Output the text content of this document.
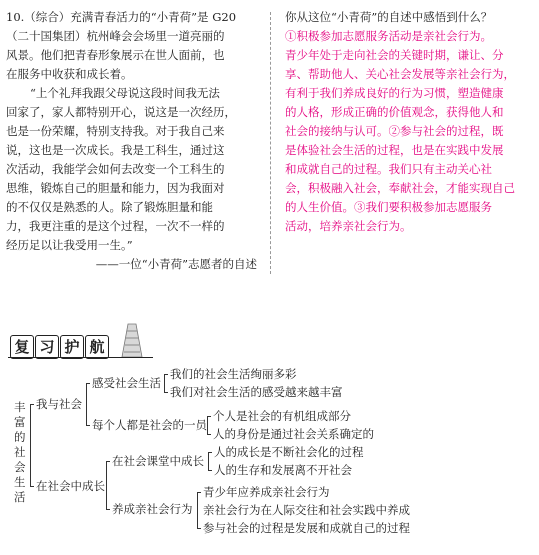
10.（综合）充满青春活力的“小青荷”是 G20

（二十国集团）杭州峰会会场里一道亮丽的

风景。他们把青春形象展示在世人面前，也

在服务中收获和成长着。

“上个礼拜我跟父母说这段时间我无法

回家了，家人都特别开心，说这是一次经历，

也是一份荣耀，特别支持我。对于我自己来

说，这也是一次成长。我是工科生，通过这

次活动，我能学会如何去改变一个工科生的

思维，锻炼自己的胆量和能力，因为我面对

的不仅仅是熟悉的人。除了锻炼胆量和能

力，我更注重的是这个过程，一次不一样的

经历足以让我受用一生。”

——一位“小青荷”志愿者的自述

你从这位“小青荷”的自述中感悟到什么？

①积极参加志愿服务活动是亲社会行为。

青少年处于走向社会的关键时期，谦让、分

享、帮助他人、关心社会发展等亲社会行为，

有利于我们养成良好的行为习惯，塑造健康

的人格，形成正确的价值观念，获得他人和

社会的接纳与认可。②参与社会的过程，既

是体验社会生活的过程，也是在实践中发展

和成就自己的过程。我们只有主动关心社

会，积极融入社会，奉献社会，才能实现自己

的人生价值。③我们要积极参加志愿服务

活动，培养亲社会行为。

复 习 护 航
丰富的社会生活
我与社会
在社会中成长
感受社会生活
每个人都是社会的一员
我们的社会生活绚丽多彩
我们对社会生活的感受越来越丰富
个人是社会的有机组成部分
人的身份是通过社会关系确定的
在社会课堂中成长
养成亲社会行为
人的成长是不断社会化的过程
人的生存和发展离不开社会
青少年应养成亲社会行为
亲社会行为在人际交往和社会实践中养成
参与社会的过程是发展和成就自己的过程
